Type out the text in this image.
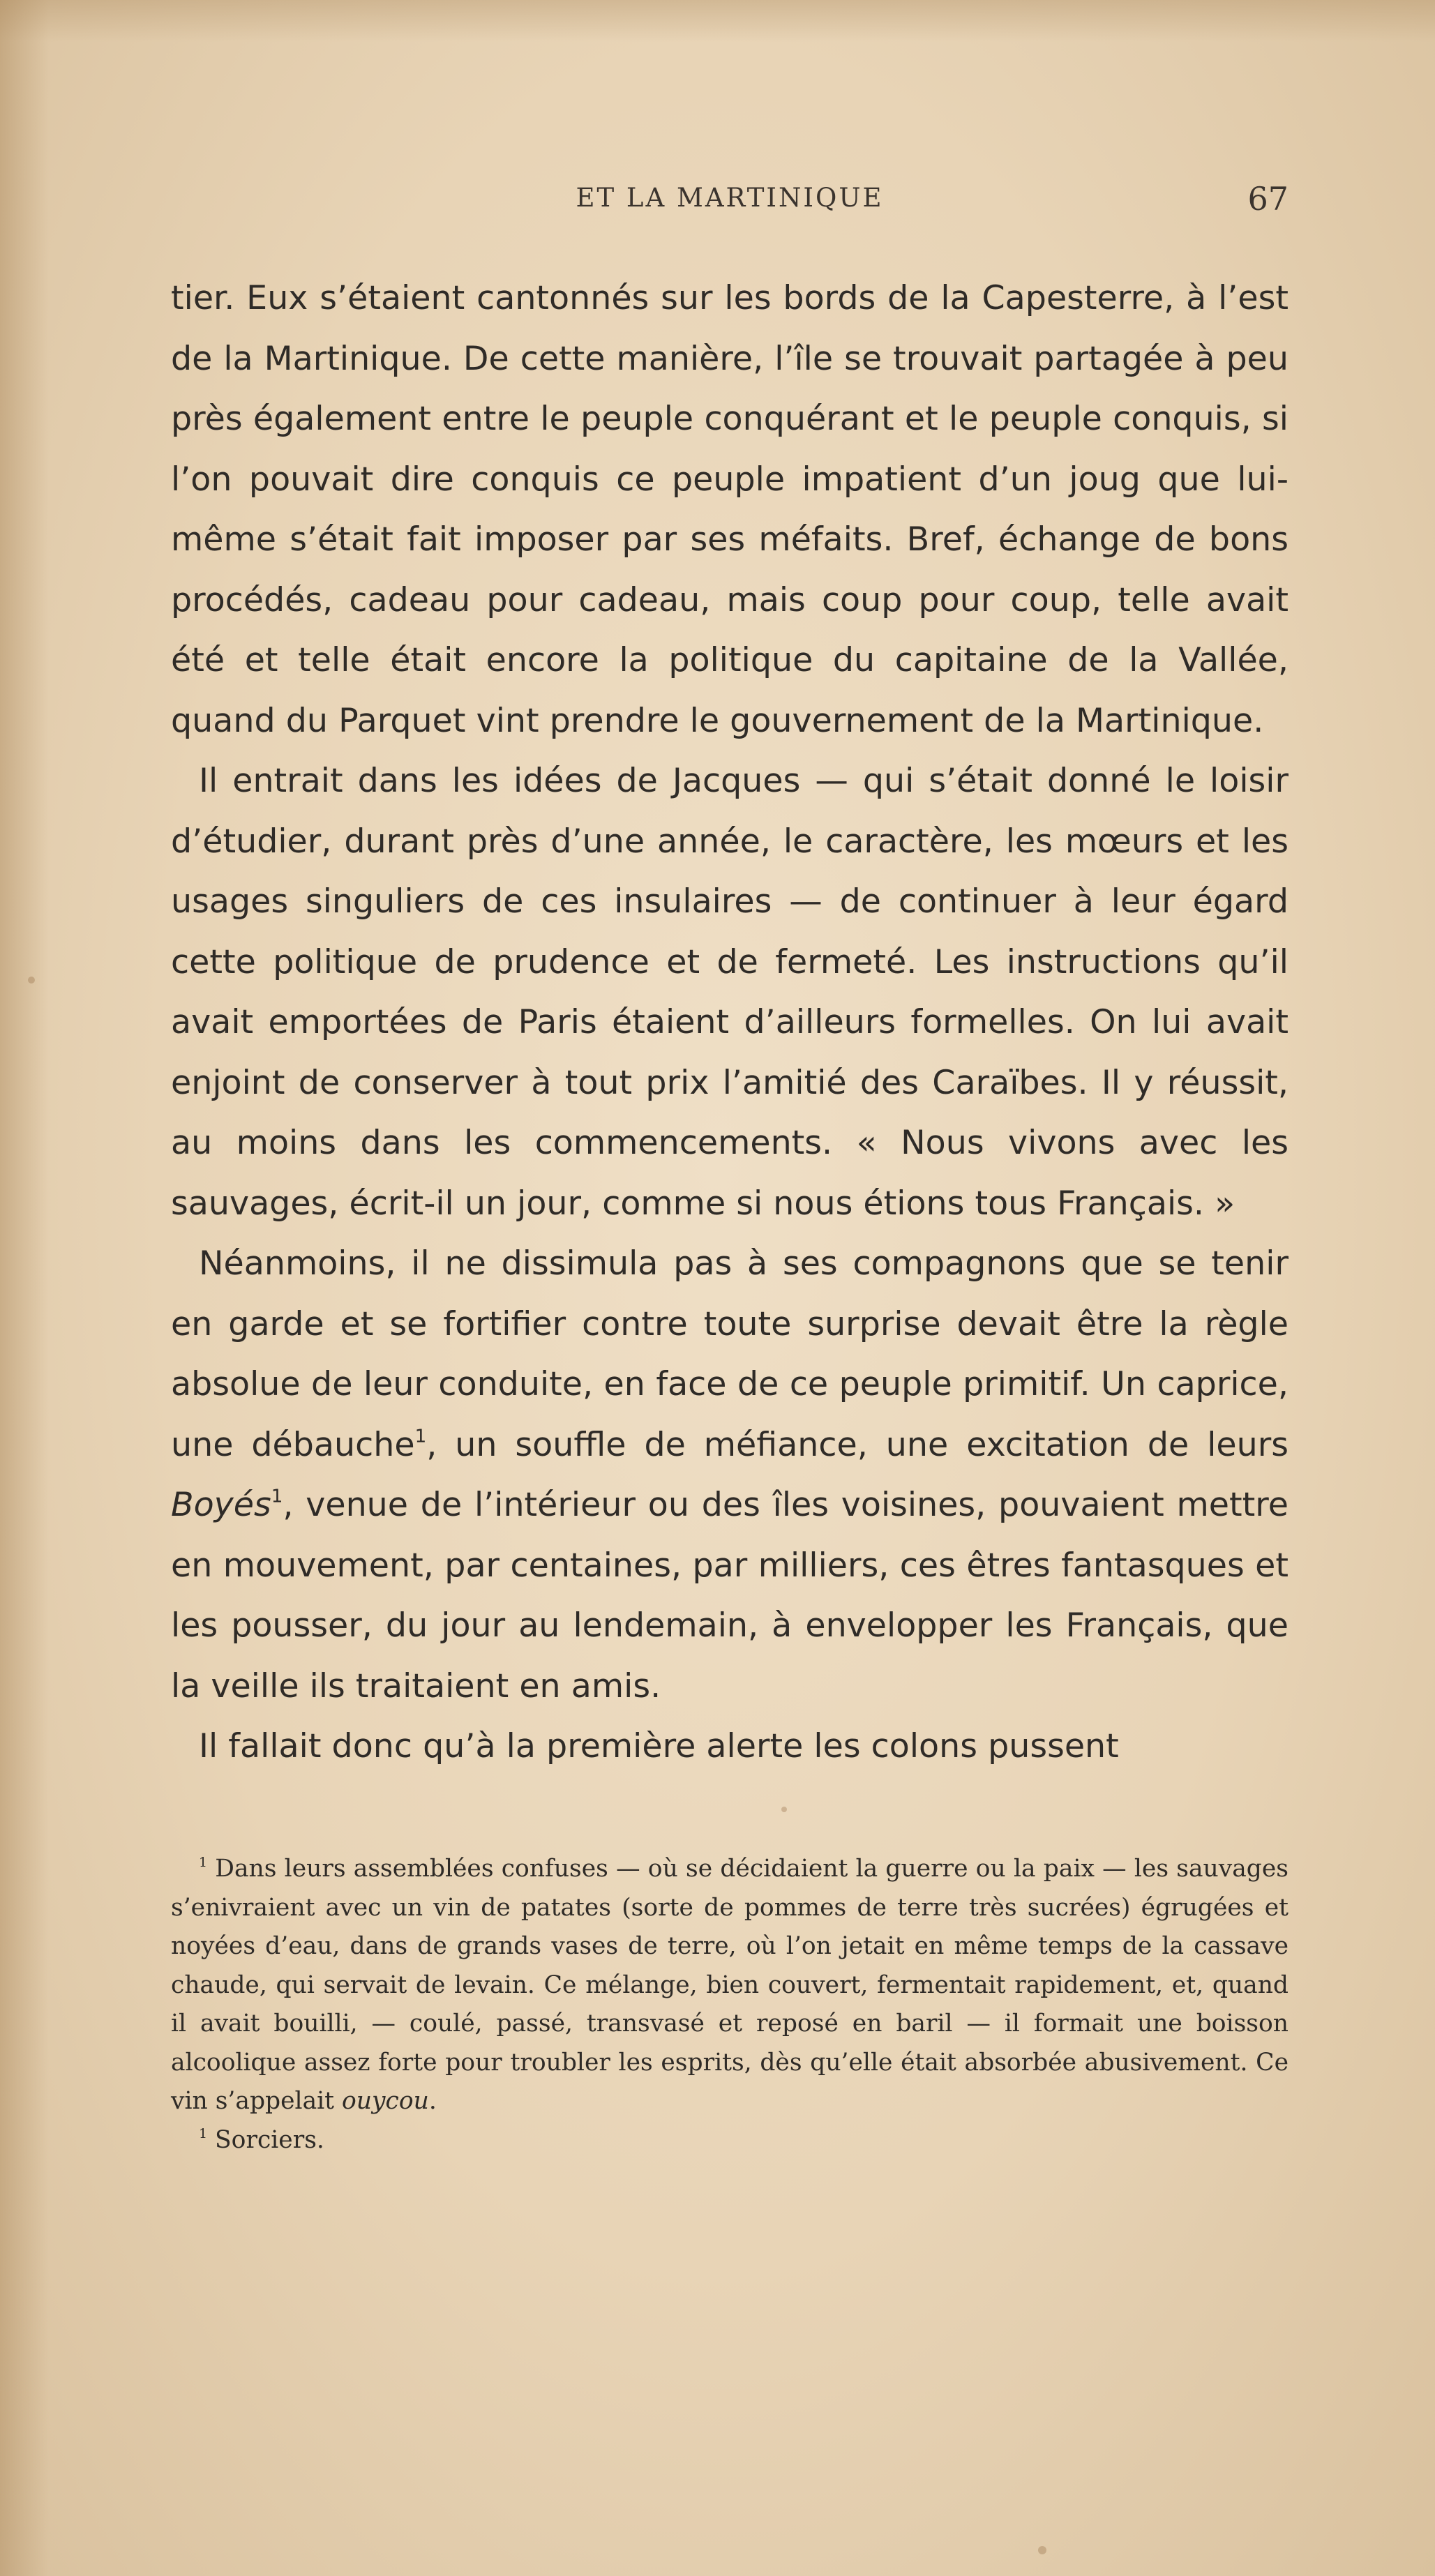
ET LA MARTINIQUE	67

tier. Eux s’étaient cantonnés sur les bords de la Capesterre, à l’est de la Martinique. De cette manière, l’île se trouvait partagée à peu près également entre le peuple conquérant et le peuple conquis, si l’on pouvait dire conquis ce peuple impatient d’un joug que lui-même s’était fait imposer par ses méfaits. Bref, échange de bons procédés, cadeau pour cadeau, mais coup pour coup, telle avait été et telle était encore la politique du capitaine de la Vallée, quand du Parquet vint prendre le gouvernement de la Martinique.

Il entrait dans les idées de Jacques — qui s’était donné le loisir d’étudier, durant près d’une année, le caractère, les mœurs et les usages singuliers de ces insulaires — de continuer à leur égard cette politique de prudence et de fermeté. Les instructions qu’il avait emportées de Paris étaient d’ailleurs formelles. On lui avait enjoint de conserver à tout prix l’amitié des Caraïbes. Il y réussit, au moins dans les commencements. « Nous vivons avec les sauvages, écrit-il un jour, comme si nous étions tous Français. »

Néanmoins, il ne dissimula pas à ses compagnons que se tenir en garde et se fortifier contre toute surprise devait être la règle absolue de leur conduite, en face de ce peuple primitif. Un caprice, une débauche$^1$, un souffle de méfiance, une excitation de leurs Boyés$^1$, venue de l’intérieur ou des îles voisines, pouvaient mettre en mouvement, par centaines, par milliers, ces êtres fantasques et les pousser, du jour au lendemain, à envelopper les Français, que la veille ils traitaient en amis.

Il fallait donc qu’à la première alerte les colons pussent

$^1$ Dans leurs assemblées confuses — où se décidaient la guerre ou la paix — les sauvages s’enivraient avec un vin de patates (sorte de pommes de terre très sucrées) égrugées et noyées d’eau, dans de grands vases de terre, où l’on jetait en même temps de la cassave chaude, qui servait de levain. Ce mélange, bien couvert, fermentait rapidement, et, quand il avait bouilli, — coulé, passé, transvasé et reposé en baril — il formait une boisson alcoolique assez forte pour troubler les esprits, dès qu’elle était absorbée abusivement. Ce vin s’appelait ouycou.

$^1$ Sorciers.
